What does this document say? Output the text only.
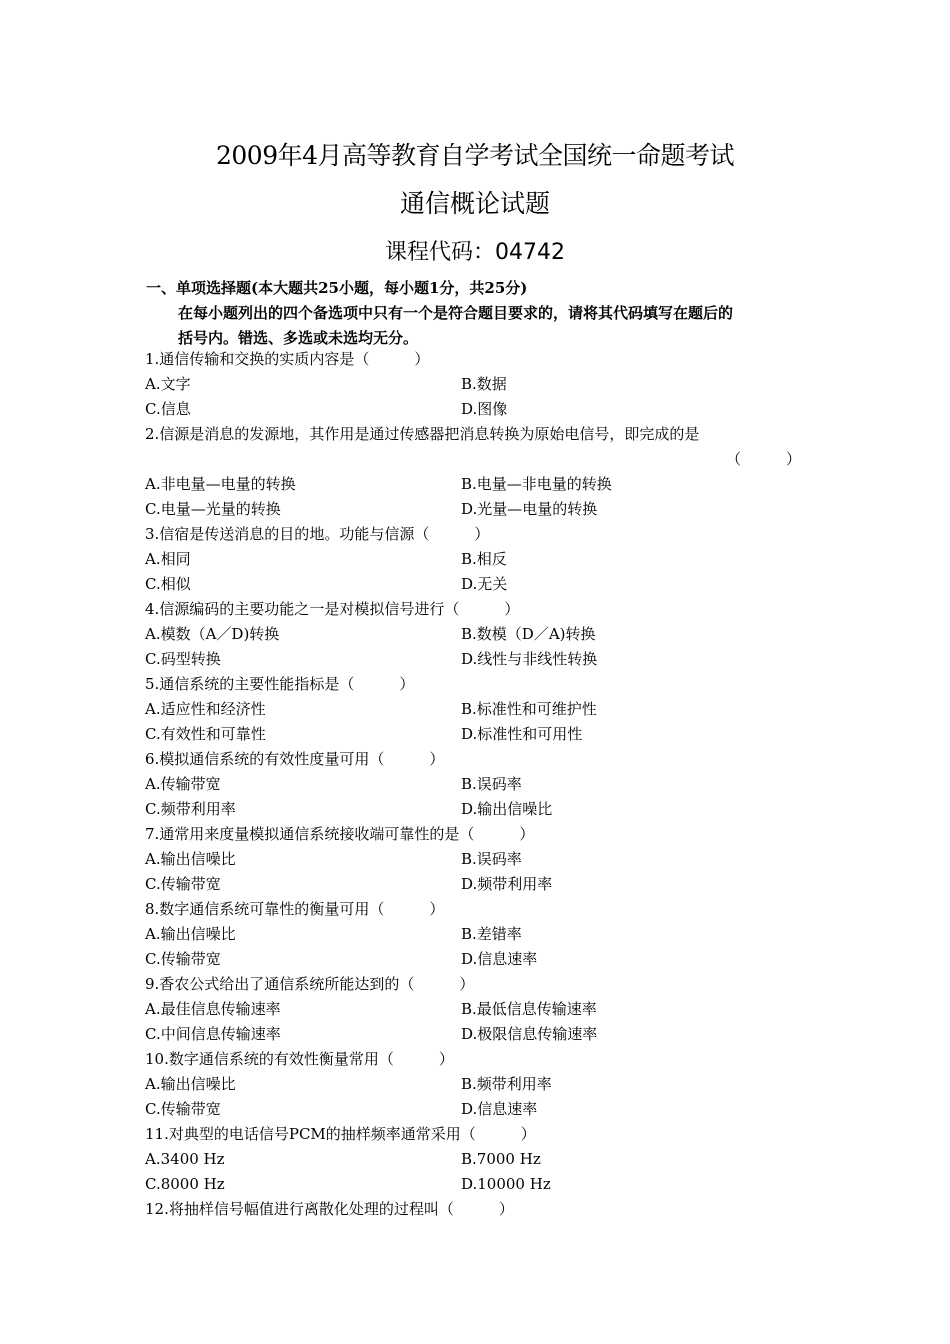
2009年4月高等教育自学考试全国统一命题考试
通信概论试题
课程代码：04742
一、单项选择题(本大题共25小题，每小题1分，共25分)
在每小题列出的四个备选项中只有一个是符合题目要求的，请将其代码填写在题后的
括号内。错选、多选或未选均无分。
1.通信传输和交换的实质内容是（　　　）
A.文字	B.数据
C.信息	D.图像
2.信源是消息的发源地，其作用是通过传感器把消息转换为原始电信号，即完成的是
（　　　）
A.非电量—电量的转换	B.电量—非电量的转换
C.电量—光量的转换	D.光量—电量的转换
3.信宿是传送消息的目的地。功能与信源（　　　）
A.相同	B.相反
C.相似	D.无关
4.信源编码的主要功能之一是对模拟信号进行（　　　）
A.模数（A／D)转换	B.数模（D／A)转换
C.码型转换	D.线性与非线性转换
5.通信系统的主要性能指标是（　　　）
A.适应性和经济性	B.标准性和可维护性
C.有效性和可靠性	D.标准性和可用性
6.模拟通信系统的有效性度量可用（　　　）
A.传输带宽	B.误码率
C.频带利用率	D.输出信噪比
7.通常用来度量模拟通信系统接收端可靠性的是（　　　）
A.输出信噪比	B.误码率
C.传输带宽	D.频带利用率
8.数字通信系统可靠性的衡量可用（　　　）
A.输出信噪比	B.差错率
C.传输带宽	D.信息速率
9.香农公式给出了通信系统所能达到的（　　　）
A.最佳信息传输速率	B.最低信息传输速率
C.中间信息传输速率	D.极限信息传输速率
10.数字通信系统的有效性衡量常用（　　　）
A.输出信噪比	B.频带利用率
C.传输带宽	D.信息速率
11.对典型的电话信号PCM的抽样频率通常采用（　　　）
A.3400 Hz	B.7000 Hz
C.8000 Hz	D.10000 Hz
12.将抽样信号幅值进行离散化处理的过程叫（　　　）
